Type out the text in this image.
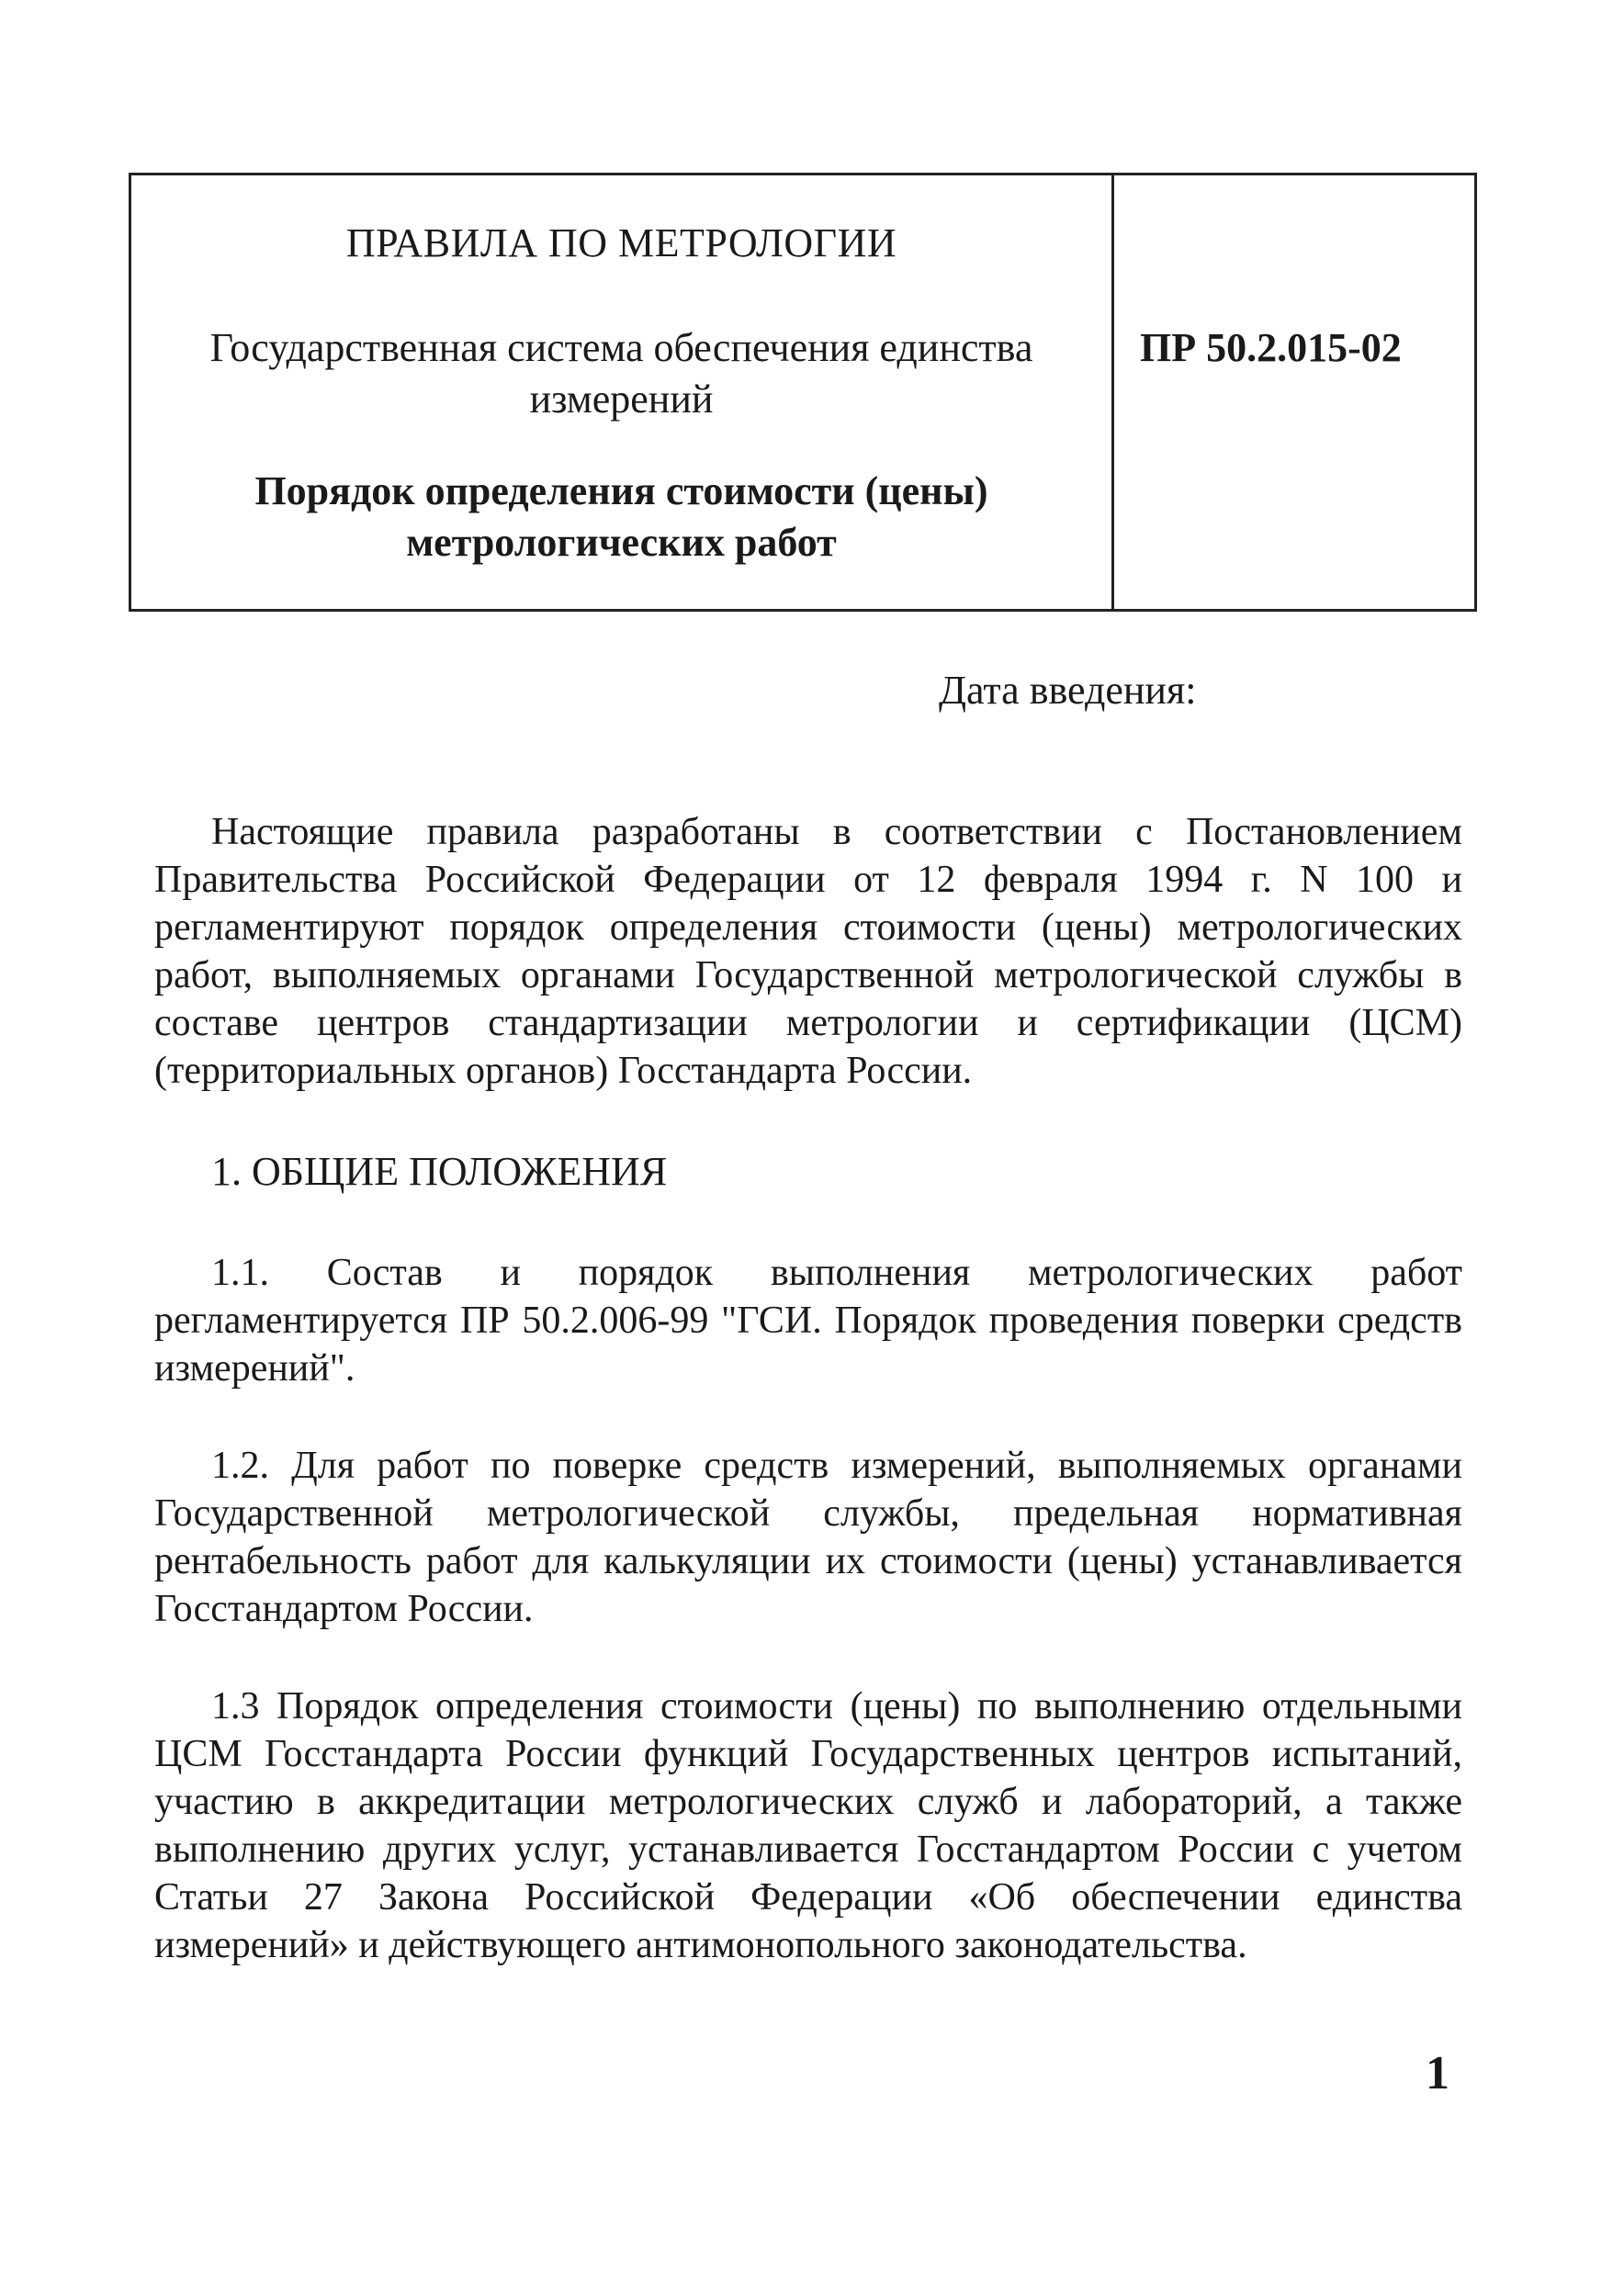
ПРАВИЛА ПО МЕТРОЛОГИИ
Государственная система обеспечения единства измерений
Порядок определения стоимости (цены) метрологических работ
ПР 50.2.015-02
Дата введения:

Настоящие правила разработаны в соответствии с Постановлением Правительства Российской Федерации от 12 февраля 1994 г. N 100 и регламентируют порядок определения стоимости (цены) метрологических работ, выполняемых органами Государственной метрологической службы в составе центров стандартизации метрологии и сертификации (ЦСМ) (территориальных органов) Госстандарта России.

1. ОБЩИЕ ПОЛОЖЕНИЯ

1.1. Состав и порядок выполнения метрологических работ регламентируется ПР 50.2.006-99 "ГСИ. Порядок проведения поверки средств измерений".

1.2. Для работ по поверке средств измерений, выполняемых органами Государственной метрологической службы, предельная нормативная рентабельность работ для калькуляции их стоимости (цены) устанавливается Госстандартом России.

1.3 Порядок определения стоимости (цены) по выполнению отдельными ЦСМ Госстандарта России функций Государственных центров испытаний, участию в аккредитации метрологических служб и лабораторий, а также выполнению других услуг, устанавливается Госстандартом России с учетом Статьи 27 Закона Российской Федерации «Об обеспечении единства измерений» и действующего антимонопольного законодательства.

1
